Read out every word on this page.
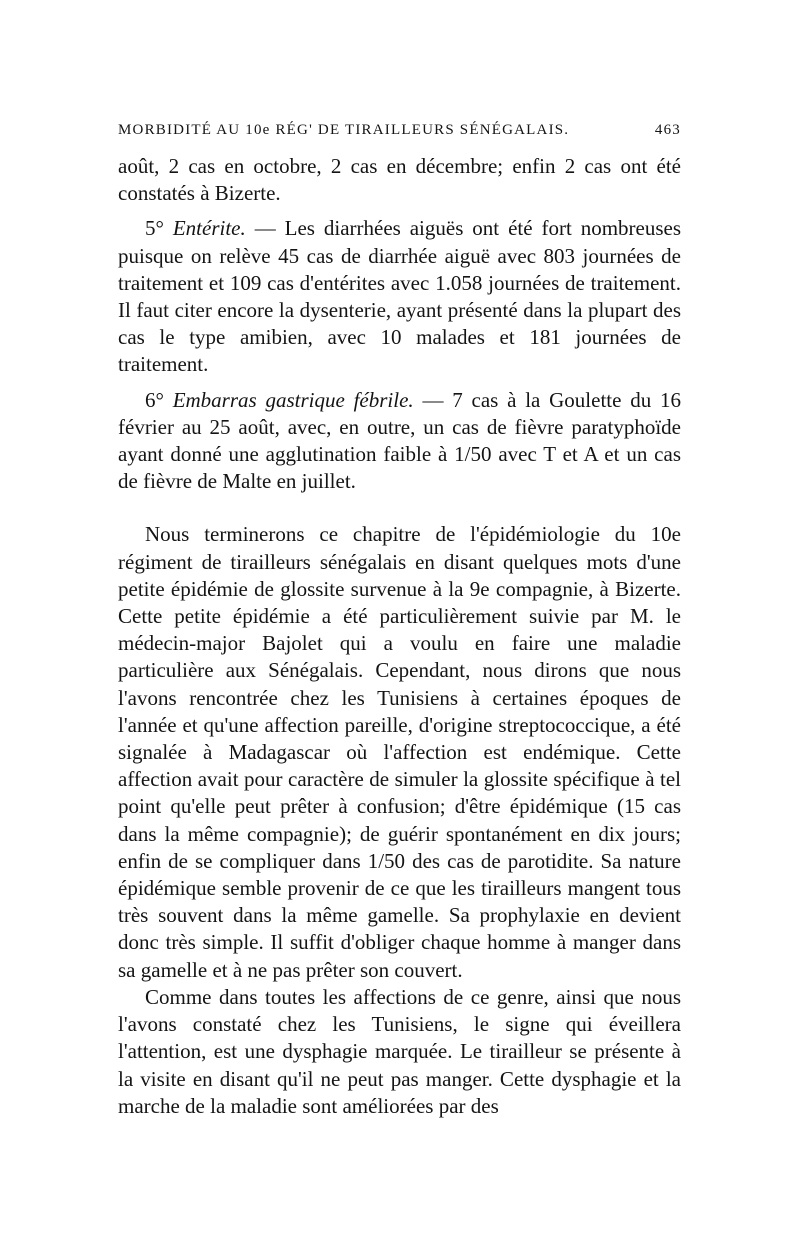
MORBIDITÉ AU 10e RÉG' DE TIRAILLEURS SÉNÉGALAIS.	463

août, 2 cas en octobre, 2 cas en décembre; enfin 2 cas ont été constatés à Bizerte.

5° Entérite. — Les diarrhées aiguës ont été fort nombreuses puisque on relève 45 cas de diarrhée aiguë avec 803 journées de traitement et 109 cas d'entérites avec 1.058 journées de traitement. Il faut citer encore la dysenterie, ayant présenté dans la plupart des cas le type amibien, avec 10 malades et 181 journées de traitement.

6° Embarras gastrique fébrile. — 7 cas à la Goulette du 16 février au 25 août, avec, en outre, un cas de fièvre paratyphoïde ayant donné une agglutination faible à 1/50 avec T et A et un cas de fièvre de Malte en juillet.

Nous terminerons ce chapitre de l'épidémiologie du 10e régiment de tirailleurs sénégalais en disant quelques mots d'une petite épidémie de glossite survenue à la 9e compagnie, à Bizerte. Cette petite épidémie a été particulièrement suivie par M. le médecin-major Bajolet qui a voulu en faire une maladie particulière aux Sénégalais. Cependant, nous dirons que nous l'avons rencontrée chez les Tunisiens à certaines époques de l'année et qu'une affection pareille, d'origine streptococcique, a été signalée à Madagascar où l'affection est endémique. Cette affection avait pour caractère de simuler la glossite spécifique à tel point qu'elle peut prêter à confusion; d'être épidémique (15 cas dans la même compagnie); de guérir spontanément en dix jours; enfin de se compliquer dans 1/50 des cas de parotidite. Sa nature épidémique semble provenir de ce que les tirailleurs mangent tous très souvent dans la même gamelle. Sa prophylaxie en devient donc très simple. Il suffit d'obliger chaque homme à manger dans sa gamelle et à ne pas prêter son couvert.

Comme dans toutes les affections de ce genre, ainsi que nous l'avons constaté chez les Tunisiens, le signe qui éveillera l'attention, est une dysphagie marquée. Le tirailleur se présente à la visite en disant qu'il ne peut pas manger. Cette dysphagie et la marche de la maladie sont améliorées par des
